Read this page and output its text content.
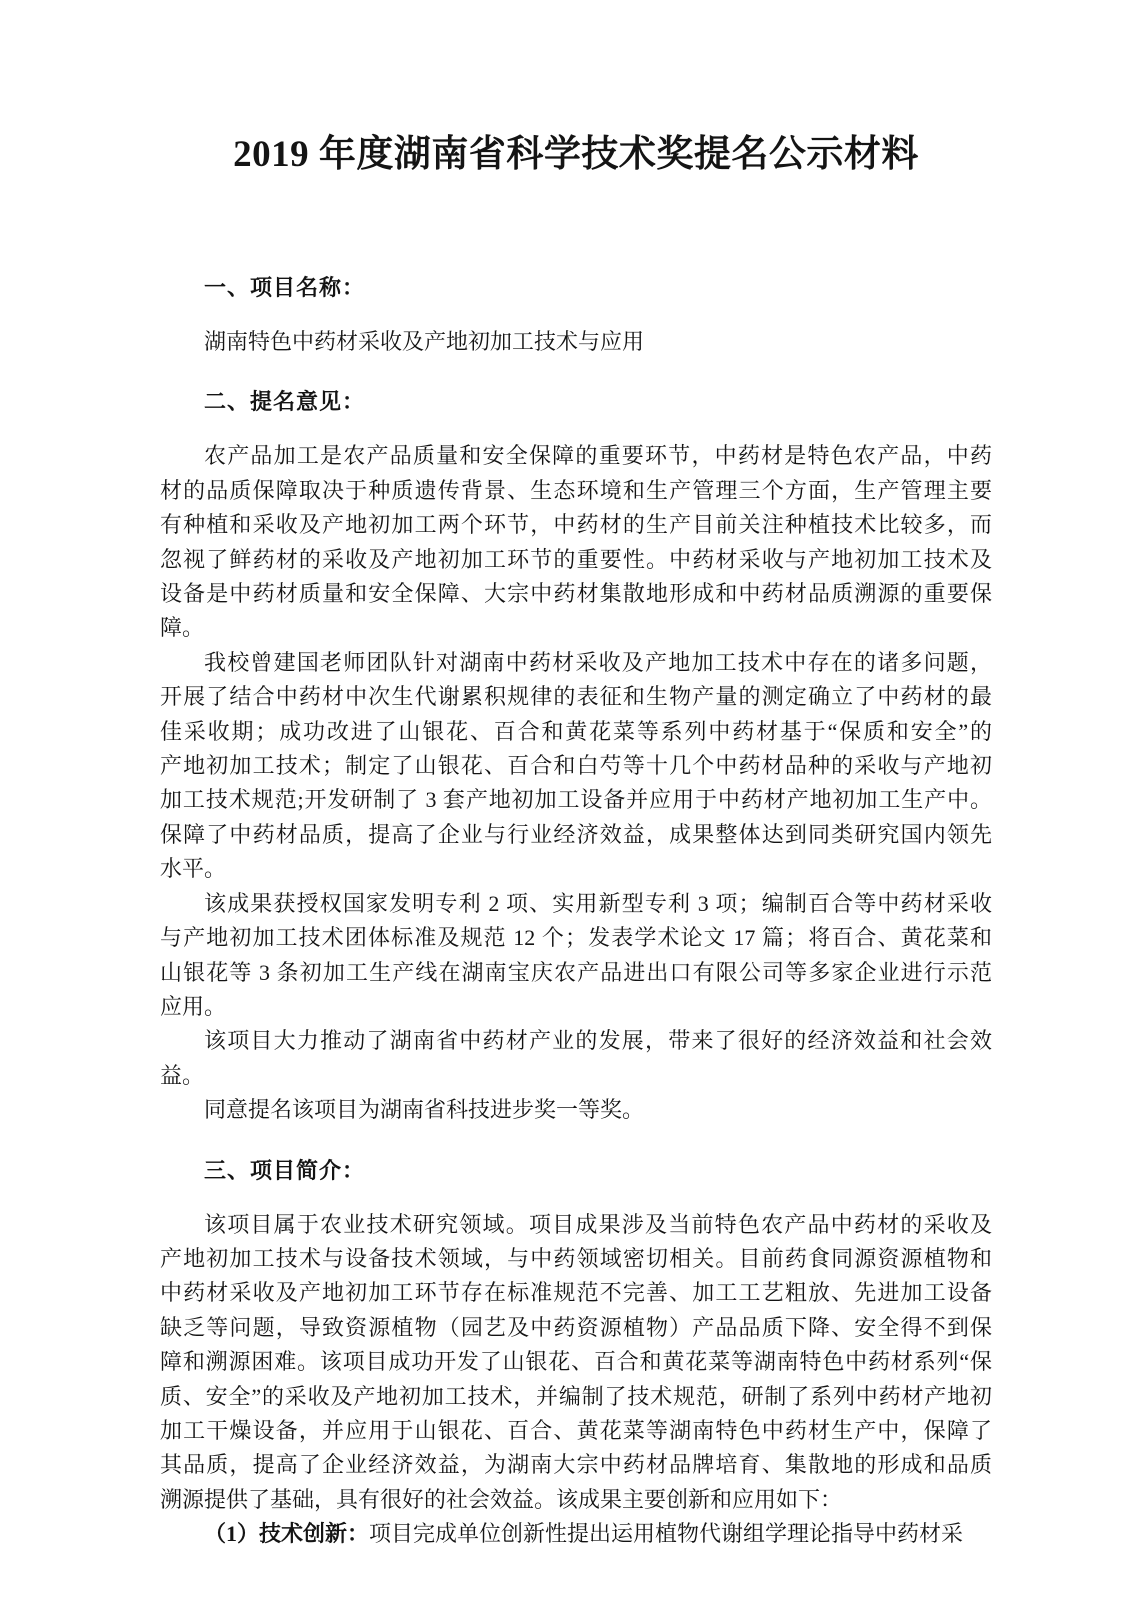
2019 年度湖南省科学技术奖提名公示材料
一、项目名称：
湖南特色中药材采收及产地初加工技术与应用
二、提名意见：
农产品加工是农产品质量和安全保障的重要环节，中药材是特色农产品，中药
材的品质保障取决于种质遗传背景、生态环境和生产管理三个方面，生产管理主要
有种植和采收及产地初加工两个环节，中药材的生产目前关注种植技术比较多，而
忽视了鲜药材的采收及产地初加工环节的重要性。中药材采收与产地初加工技术及
设备是中药材质量和安全保障、大宗中药材集散地形成和中药材品质溯源的重要保
障。
我校曾建国老师团队针对湖南中药材采收及产地加工技术中存在的诸多问题，
开展了结合中药材中次生代谢累积规律的表征和生物产量的测定确立了中药材的最
佳采收期；成功改进了山银花、百合和黄花菜等系列中药材基于“保质和安全”的
产地初加工技术；制定了山银花、百合和白芍等十几个中药材品种的采收与产地初
加工技术规范;开发研制了 3 套产地初加工设备并应用于中药材产地初加工生产中。
保障了中药材品质，提高了企业与行业经济效益，成果整体达到同类研究国内领先
水平。
该成果获授权国家发明专利 2 项、实用新型专利 3 项；编制百合等中药材采收
与产地初加工技术团体标准及规范 12 个；发表学术论文 17 篇；将百合、黄花菜和
山银花等 3 条初加工生产线在湖南宝庆农产品进出口有限公司等多家企业进行示范
应用。
该项目大力推动了湖南省中药材产业的发展，带来了很好的经济效益和社会效
益。
同意提名该项目为湖南省科技进步奖一等奖。
三、项目简介：
该项目属于农业技术研究领域。项目成果涉及当前特色农产品中药材的采收及
产地初加工技术与设备技术领域，与中药领域密切相关。目前药食同源资源植物和
中药材采收及产地初加工环节存在标准规范不完善、加工工艺粗放、先进加工设备
缺乏等问题，导致资源植物（园艺及中药资源植物）产品品质下降、安全得不到保
障和溯源困难。该项目成功开发了山银花、百合和黄花菜等湖南特色中药材系列“保
质、安全”的采收及产地初加工技术，并编制了技术规范，研制了系列中药材产地初
加工干燥设备，并应用于山银花、百合、黄花菜等湖南特色中药材生产中，保障了
其品质，提高了企业经济效益，为湖南大宗中药材品牌培育、集散地的形成和品质
溯源提供了基础，具有很好的社会效益。该成果主要创新和应用如下：
（1）技术创新：项目完成单位创新性提出运用植物代谢组学理论指导中药材采
